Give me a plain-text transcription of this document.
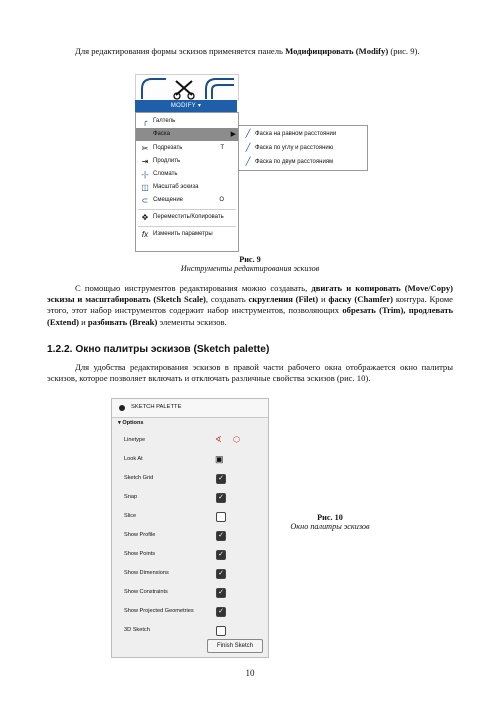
Для редактирования формы эскизов применяется панель Модифицировать (Modify) (рис. 9).
MODIFY ▾
╭ Галтель
Фаска	▶
✂ Подрезать	T
⇥ Продлить
-|- Сломать
◫ Масштаб эскиза
⊂ Смещение	O
✥ Переместить/Копировать
fx Изменить параметры
╱ Фаска на равном расстоянии
╱ Фаска по углу и расстоянию
╱ Фаска по двум расстояниям
Рис. 9
Инструменты редактирования эскизов
С помощью инструментов редактирования можно создавать, двигать и копировать (Move/Copy) эскизы и масштабировать (Sketch Scale), создавать скругления (Filet) и фаску (Chamfer) контура. Кроме этого, этот набор инструментов содержит набор инструментов, позволяющих обрезать (Trim), продлевать (Extend) и разбивать (Break) элементы эскизов.
1.2.2. Окно палитры эскизов (Sketch palette)
Для удобства редактирования эскизов в правой части рабочего окна отображается окно палитры эскизов, которое позволяет включать и отключать различные свойства эскизов (рис. 10).
SKETCH PALETTE
▾ Options
Linetype	∢ ⬡
Look At	▣
Sketch Grid	✓
Snap	✓
Slice
Show Profile	✓
Show Points	✓
Show Dimensions	✓
Show Constraints	✓
Show Projected Geometries	✓
3D Sketch
Finish Sketch
Рис. 10
Окно палитры эскизов
10
